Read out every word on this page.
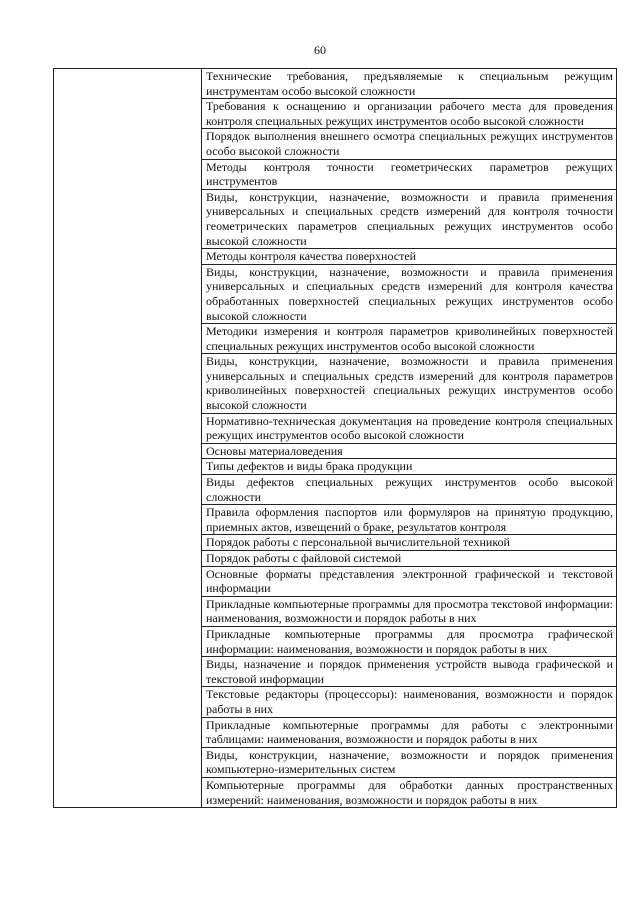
60
	Технические требования, предъявляемые к специальным режущим инструментам особо высокой сложности
Требования к оснащению и организации рабочего места для проведения контроля специальных режущих инструментов особо высокой сложности
Порядок выполнения внешнего осмотра специальных режущих инструментов особо высокой сложности
Методы контроля точности геометрических параметров режущих инструментов
Виды, конструкции, назначение, возможности и правила применения универсальных и специальных средств измерений для контроля точности геометрических параметров специальных режущих инструментов особо высокой сложности
Методы контроля качества поверхностей
Виды, конструкции, назначение, возможности и правила применения универсальных и специальных средств измерений для контроля качества обработанных поверхностей специальных режущих инструментов особо высокой сложности
Методики измерения и контроля параметров криволинейных поверхностей специальных режущих инструментов особо высокой сложности
Виды, конструкции, назначение, возможности и правила применения универсальных и специальных средств измерений для контроля параметров криволинейных поверхностей специальных режущих инструментов особо высокой сложности
Нормативно-техническая документация на проведение контроля специальных режущих инструментов особо высокой сложности
Основы материаловедения
Типы дефектов и виды брака продукции
Виды дефектов специальных режущих инструментов особо высокой сложности
Правила оформления паспортов или формуляров на принятую продукцию, приемных актов, извещений о браке, результатов контроля
Порядок работы с персональной вычислительной техникой
Порядок работы с файловой системой
Основные форматы представления электронной графической и текстовой информации
Прикладные компьютерные программы для просмотра текстовой информации: наименования, возможности и порядок работы в них
Прикладные компьютерные программы для просмотра графической информации: наименования, возможности и порядок работы в них
Виды, назначение и порядок применения устройств вывода графической и текстовой информации
Текстовые редакторы (процессоры): наименования, возможности и порядок работы в них
Прикладные компьютерные программы для работы с электронными таблицами: наименования, возможности и порядок работы в них
Виды, конструкции, назначение, возможности и порядок применения компьютерно-измерительных систем
Компьютерные программы для обработки данных пространственных измерений: наименования, возможности и порядок работы в них
